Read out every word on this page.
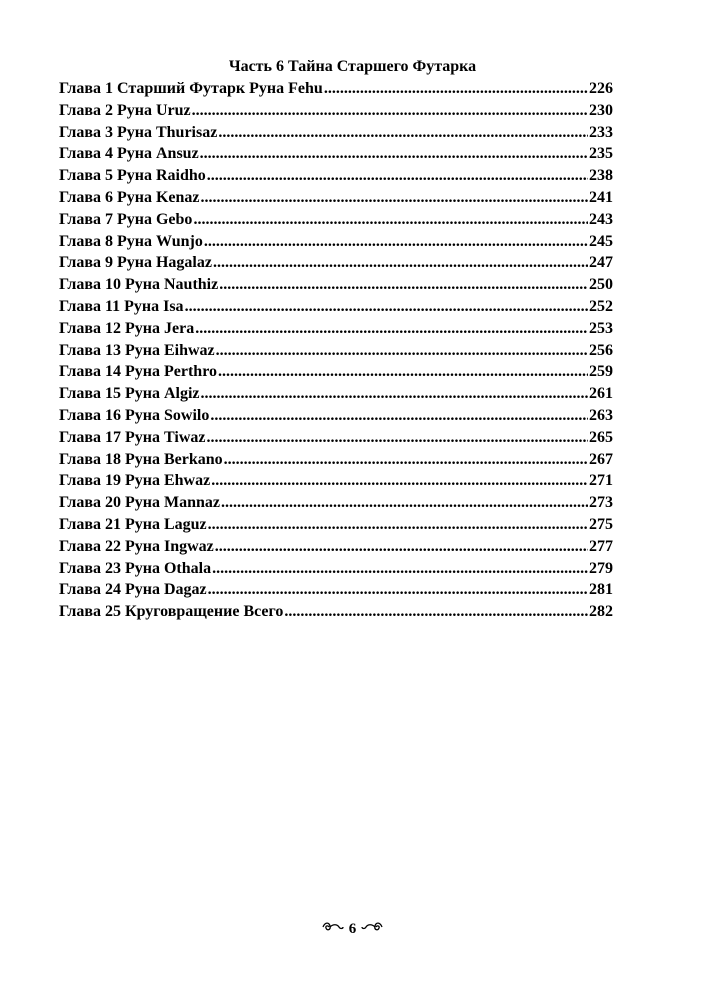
Часть 6 Тайна Старшего Футарка
Глава 1 Старший Футарк Руна Fehu .....	226
Глава 2 Руна Uruz .....	230
Глава 3 Руна Thurisaz .....	233
Глава 4 Руна Ansuz .....	235
Глава 5 Руна Raidho .....	238
Глава 6 Руна Kenaz .....	241
Глава 7 Руна Gebo .....	243
Глава 8 Руна Wunjo .....	245
Глава 9 Руна Hagalaz .....	247
Глава 10 Руна Nauthiz .....	250
Глава 11 Руна Isa .....	252
Глава 12 Руна Jera .....	253
Глава 13 Руна Eihwaz .....	256
Глава 14 Руна Perthro .....	259
Глава 15 Руна Algiz .....	261
Глава 16 Руна Sowilo .....	263
Глава 17 Руна Tiwaz .....	265
Глава 18 Руна Berkano .....	267
Глава 19 Руна Ehwaz .....	271
Глава 20 Руна Mannaz .....	273
Глава 21 Руна Laguz .....	275
Глава 22 Руна Ingwaz .....	277
Глава 23 Руна Othala .....	279
Глава 24 Руна Dagaz .....	281
Глава 25 Круговращение Всего .....	282
6
